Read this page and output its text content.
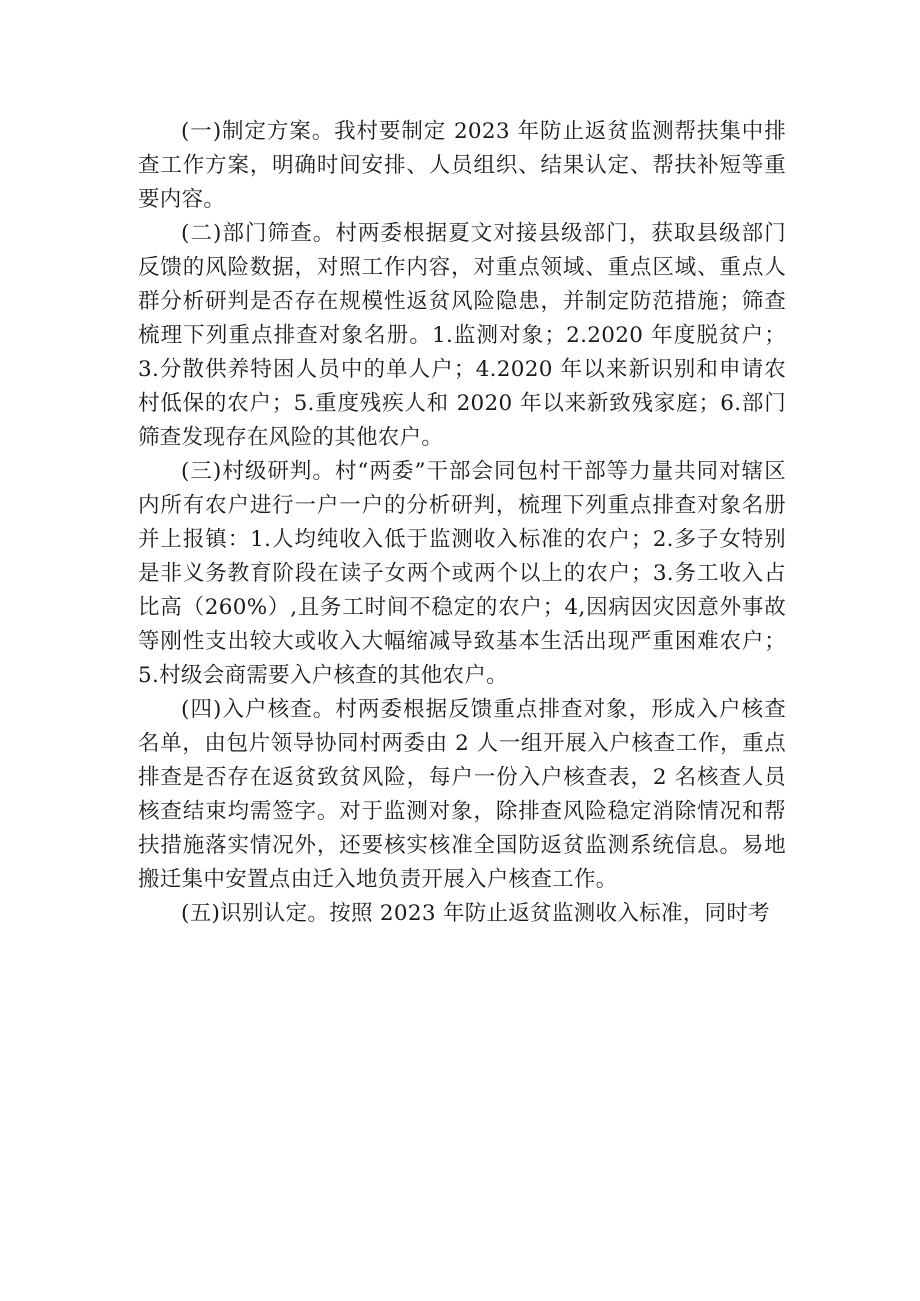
(一)制定方案。我村要制定 2023 年防止返贫监测帮扶集中排查工作方案，明确时间安排、人员组织、结果认定、帮扶补短等重要内容。

(二)部门筛查。村两委根据夏文对接县级部门，获取县级部门反馈的风险数据，对照工作内容，对重点领域、重点区域、重点人群分析研判是否存在规模性返贫风险隐患，并制定防范措施；筛查梳理下列重点排查对象名册。1.监测对象；2.2020 年度脱贫户；3.分散供养特困人员中的单人户；4.2020 年以来新识别和申请农村低保的农户；5.重度残疾人和 2020 年以来新致残家庭；6.部门筛查发现存在风险的其他农户。

(三)村级研判。村“两委”干部会同包村干部等力量共同对辖区内所有农户进行一户一户的分析研判，梳理下列重点排查对象名册并上报镇：1.人均纯收入低于监测收入标准的农户；2.多子女特别是非义务教育阶段在读子女两个或两个以上的农户；3.务工收入占比高（260%）,且务工时间不稳定的农户；4,因病因灾因意外事故等刚性支出较大或收入大幅缩减导致基本生活出现严重困难农户；5.村级会商需要入户核查的其他农户。

(四)入户核查。村两委根据反馈重点排查对象，形成入户核查名单，由包片领导协同村两委由 2 人一组开展入户核查工作，重点排查是否存在返贫致贫风险，每户一份入户核查表，2 名核查人员核查结束均需签字。对于监测对象，除排查风险稳定消除情况和帮扶措施落实情况外，还要核实核准全国防返贫监测系统信息。易地搬迁集中安置点由迁入地负责开展入户核查工作。

(五)识别认定。按照 2023 年防止返贫监测收入标准，同时考
